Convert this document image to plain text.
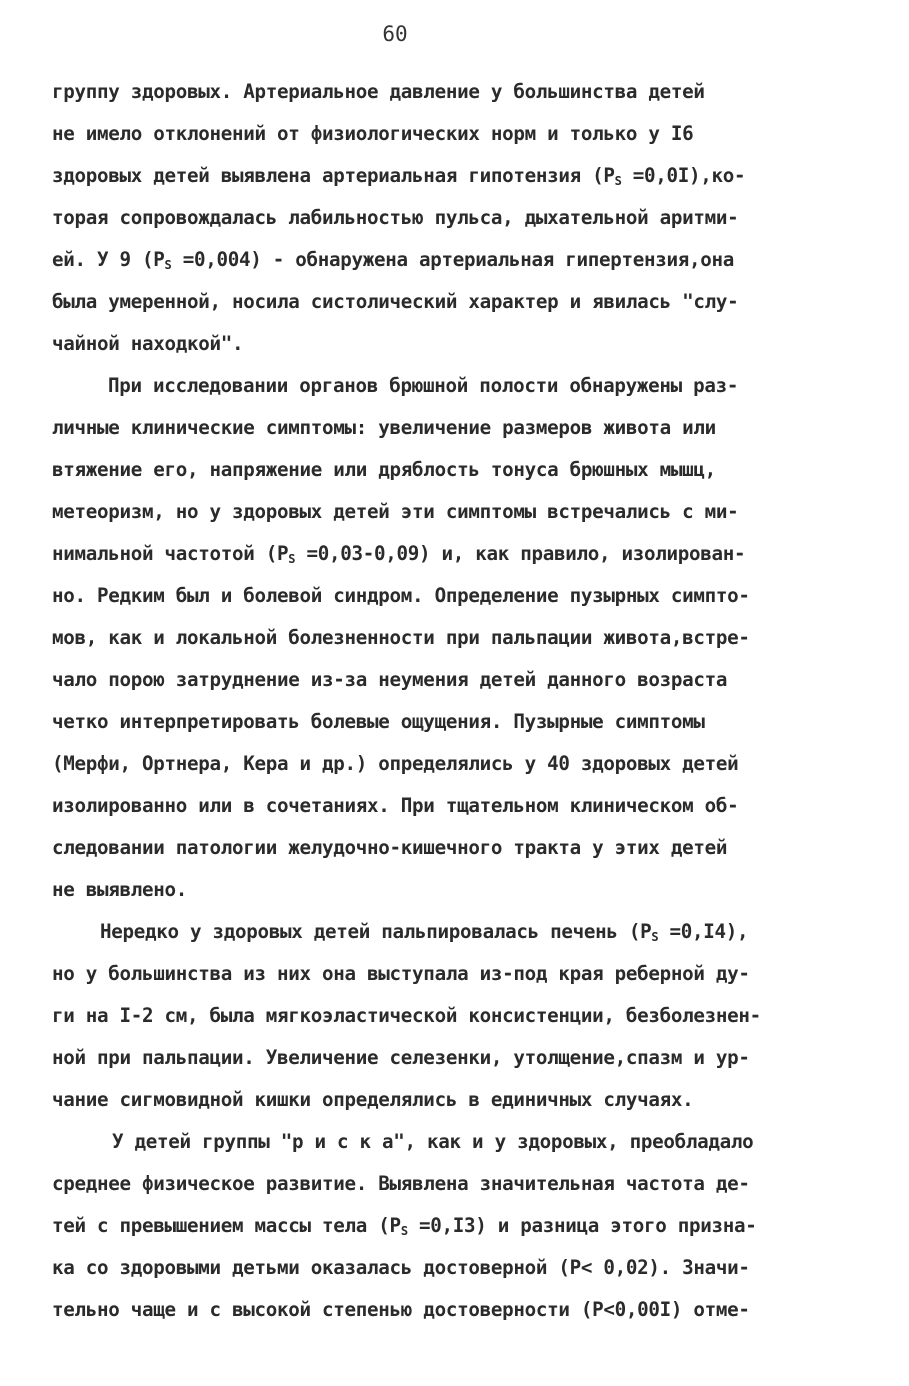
60
группу здоровых. Артериальное давление у большинства детей
не имело отклонений от физиологических норм и только у I6
здоровых детей выявлена артериальная гипотензия $(P_S =0,0I),ко-$
торая сопровождалась лабильностью пульса, дыхательной аритми-
ей. У 9 $(P_S =0,004)$ - обнаружена артериальная гипертензия,она
была умеренной, носила систолический характер и явилась "слу-
чайной находкой".
При исследовании органов брюшной полости обнаружены раз-
личные клинические симптомы: увеличение размеров живота или
втяжение его, напряжение или дряблость тонуса брюшных мышц,
метеоризм, но у здоровых детей эти симптомы встречались с ми-
нимальной частотой $(P_S =0,03-0,09)$ и, как правило, изолирован-
но. Редким был и болевой синдром. Определение пузырных симпто-
мов, как и локальной болезненности при пальпации живота,встре-
чало порою затруднение из-за неумения детей данного возраста
четко интерпретировать болевые ощущения. Пузырные симптомы
(Мерфи, Ортнера, Кера и др.) определялись у 40 здоровых детей
изолированно или в сочетаниях. При тщательном клиническом об-
следовании патологии желудочно-кишечного тракта у этих детей
не выявлено.
Нередко у здоровых детей пальпировалась печень $(P_S =0,I4)$,
но у большинства из них она выступала из-под края реберной ду-
ги на I-2 см, была мягкоэластической консистенции, безболезнен-
ной при пальпации. Увеличение селезенки, утолщение,спазм и ур-
чание сигмовидной кишки определялись в единичных случаях.
У детей группы "р и с к а", как и у здоровых, преобладало
среднее физическое развитие. Выявлена значительная частота де-
тей с превышением массы тела $(P_S =0,I3)$ и разница этого призна-
ка со здоровыми детьми оказалась достоверной (P< 0,02). Значи-
тельно чаще и с высокой степенью достоверности (P<0,00I) отме-
